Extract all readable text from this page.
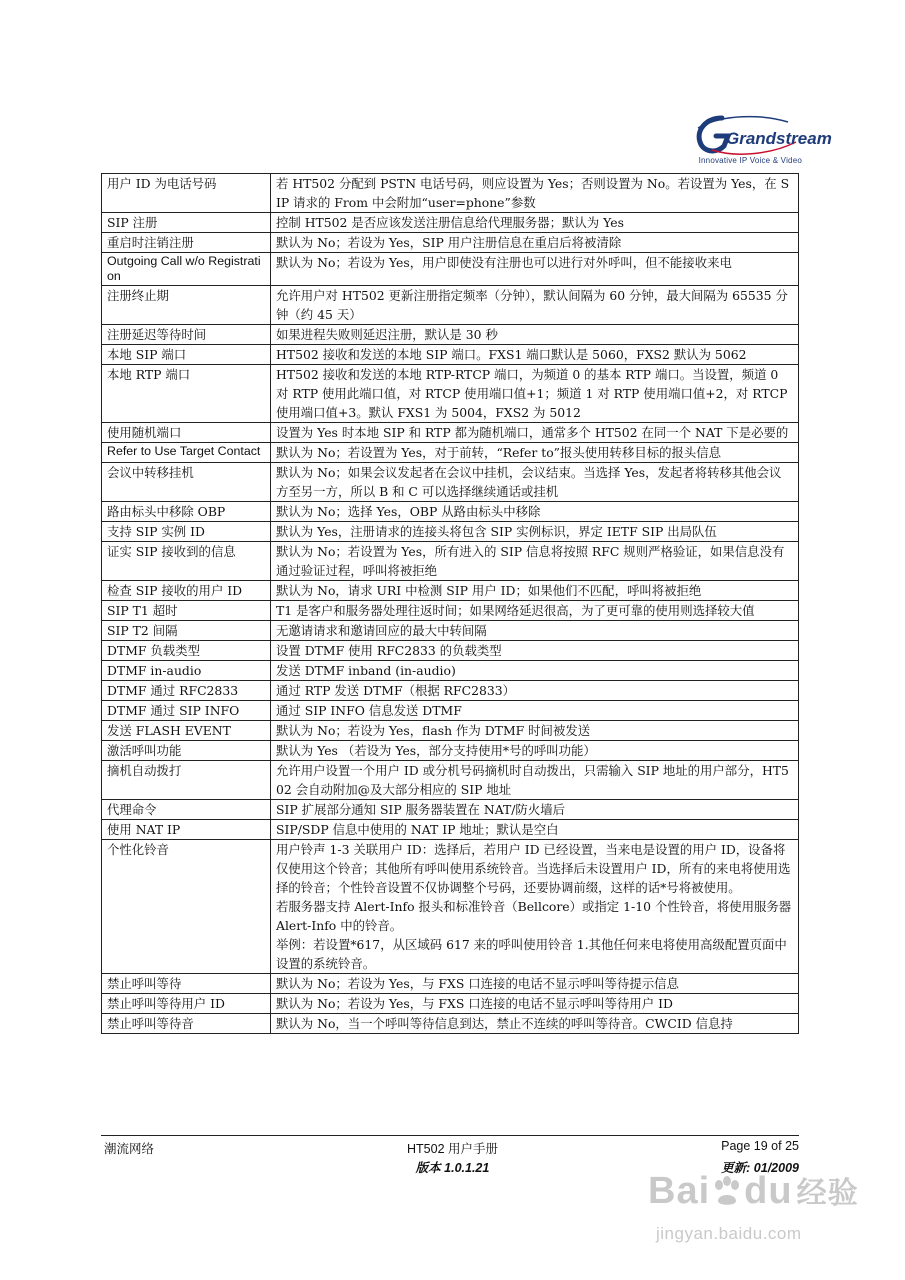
Grandstream
Innovative IP Voice & Video
用户 ID 为电话号码	若 HT502 分配到 PSTN 电话号码，则应设置为 Yes；否则设置为 No。若设置为 Yes，在 SIP 请求的 From 中会附加“user=phone”参数

SIP 注册	控制 HT502 是否应该发送注册信息给代理服务器；默认为 Yes

重启时注销注册	默认为 No；若设为 Yes，SIP 用户注册信息在重启后将被清除

Outgoing Call w/o Registration	默认为 No；若设为 Yes，用户即使没有注册也可以进行对外呼叫，但不能接收来电

注册终止期	允许用户对 HT502 更新注册指定频率（分钟），默认间隔为 60 分钟，最大间隔为 65535 分钟（约 45 天）

注册延迟等待时间	如果进程失败则延迟注册，默认是 30 秒

本地 SIP 端口	HT502 接收和发送的本地 SIP 端口。FXS1 端口默认是 5060，FXS2 默认为 5062

本地 RTP 端口	HT502 接收和发送的本地 RTP-RTCP 端口，为频道 0 的基本 RTP 端口。当设置，频道 0 对 RTP 使用此端口值，对 RTCP 使用端口值+1；频道 1 对 RTP 使用端口值+2，对 RTCP 使用端口值+3。默认 FXS1 为 5004，FXS2 为 5012

使用随机端口	设置为 Yes 时本地 SIP 和 RTP 都为随机端口，通常多个 HT502 在同一个 NAT 下是必要的

Refer to Use Target Contact	默认为 No；若设置为 Yes，对于前转，“Refer to”报头使用转移目标的报头信息

会议中转移挂机	默认为 No；如果会议发起者在会议中挂机，会议结束。当选择 Yes，发起者将转移其他会议方至另一方，所以 B 和 C 可以选择继续通话或挂机

路由标头中移除 OBP	默认为 No；选择 Yes，OBP 从路由标头中移除

支持 SIP 实例 ID	默认为 Yes，注册请求的连接头将包含 SIP 实例标识，界定 IETF SIP 出局队伍

证实 SIP 接收到的信息	默认为 No；若设置为 Yes，所有进入的 SIP 信息将按照 RFC 规则严格验证，如果信息没有通过验证过程，呼叫将被拒绝

检查 SIP 接收的用户 ID	默认为 No，请求 URI 中检测 SIP 用户 ID；如果他们不匹配，呼叫将被拒绝

SIP T1 超时	T1 是客户和服务器处理往返时间；如果网络延迟很高，为了更可靠的使用则选择较大值

SIP T2 间隔	无邀请请求和邀请回应的最大中转间隔

DTMF 负载类型	设置 DTMF 使用 RFC2833 的负载类型

DTMF in-audio	发送 DTMF inband (in-audio)

DTMF 通过 RFC2833	通过 RTP 发送 DTMF（根据 RFC2833）

DTMF 通过 SIP INFO	通过 SIP INFO 信息发送 DTMF

发送 FLASH EVENT	默认为 No；若设为 Yes，flash 作为 DTMF 时间被发送

激活呼叫功能	默认为 Yes （若设为 Yes，部分支持使用*号的呼叫功能）

摘机自动拨打	允许用户设置一个用户 ID 或分机号码摘机时自动拨出，只需输入 SIP 地址的用户部分，HT502 会自动附加@及大部分相应的 SIP 地址

代理命令	SIP 扩展部分通知 SIP 服务器装置在 NAT/防火墙后

使用 NAT IP	SIP/SDP 信息中使用的 NAT IP 地址；默认是空白

个性化铃音	用户铃声 1-3 关联用户 ID：选择后，若用户 ID 已经设置，当来电是设置的用户 ID，设备将仅使用这个铃音；其他所有呼叫使用系统铃音。当选择后未设置用户 ID，所有的来电将使用选择的铃音；个性铃音设置不仅协调整个号码，还要协调前缀，这样的话*号将被使用。
若服务器支持 Alert-Info 报头和标准铃音（Bellcore）或指定 1-10 个性铃音，将使用服务器 Alert-Info 中的铃音。
举例：若设置*617，从区域码 617 来的呼叫使用铃音 1.其他任何来电将使用高级配置页面中设置的系统铃音。

禁止呼叫等待	默认为 No；若设为 Yes，与 FXS 口连接的电话不显示呼叫等待提示信息

禁止呼叫等待用户 ID	默认为 No；若设为 Yes，与 FXS 口连接的电话不显示呼叫等待用户 ID

禁止呼叫等待音	默认为 No，当一个呼叫等待信息到达，禁止不连续的呼叫等待音。CWCID 信息持
潮流网络	HT502 用户手册	Page 19 of 25
版本 1.0.1.21	更新: 01/2009
Bai du 经验
jingyan.baidu.com
